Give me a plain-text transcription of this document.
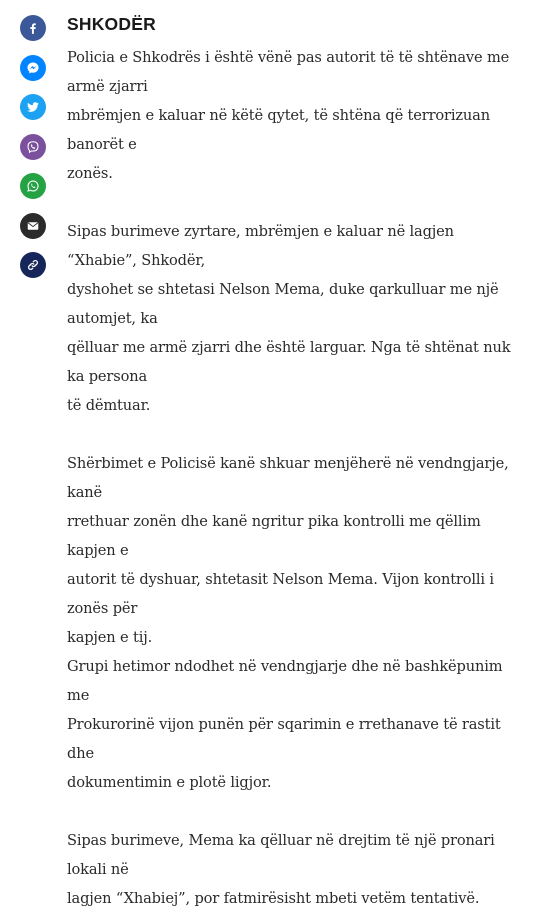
SHKODËR

Policia e Shkodrës i është vënë pas autorit të të shtënave me armë zjarri
mbrëmjen e kaluar në këtë qytet, të shtëna që terrorizuan banorët e
zonës.

Sipas burimeve zyrtare, mbrëmjen e kaluar në lagjen “Xhabie”, Shkodër,
dyshohet se shtetasi Nelson Mema, duke qarkulluar me një automjet, ka
qëlluar me armë zjarri dhe është larguar. Nga të shtënat nuk ka persona
të dëmtuar.

Shërbimet e Policisë kanë shkuar menjëherë në vendngjarje, kanë
rrethuar zonën dhe kanë ngritur pika kontrolli me qëllim kapjen e
autorit të dyshuar, shtetasit Nelson Mema. Vijon kontrolli i zonës për
kapjen e tij.

Grupi hetimor ndodhet në vendngjarje dhe në bashkëpunim me
Prokurorinë vijon punën për sqarimin e rrethanave të rastit dhe
dokumentimin e plotë ligjor.

Sipas burimeve, Mema ka qëlluar në drejtim të një pronari lokali në
lagjen “Xhabiej”, por fatmirësisht mbeti vetëm tentativë.
